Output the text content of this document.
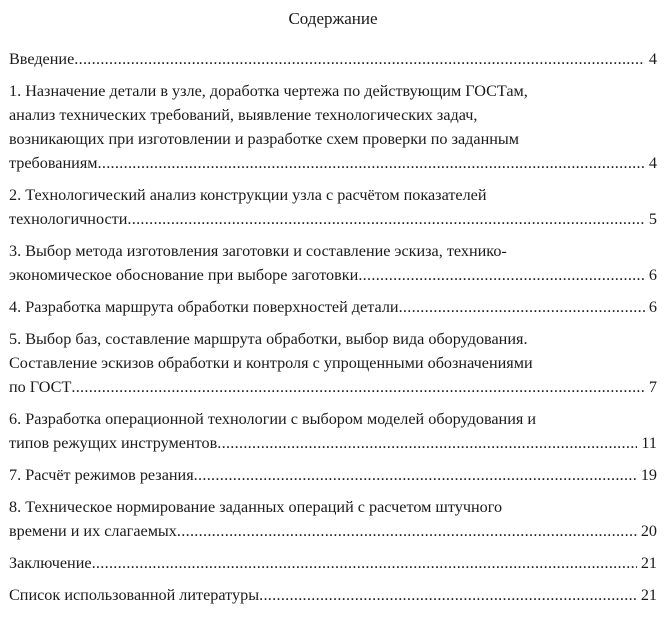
Содержание
Введение .....	4
1. Назначение детали в узле, доработка чертежа по действующим ГОСТам,
анализ технических требований, выявление технологических задач,
возникающих при изготовлении и разработке схем проверки по заданным
требованиям .....	4
2. Технологический анализ конструкции узла с расчётом показателей
технологичности .....	5
3. Выбор метода изготовления заготовки и составление эскиза, технико-
экономическое обоснование при выборе заготовки .....	6
4. Разработка маршрута обработки поверхностей детали .....	6
5. Выбор баз, составление маршрута обработки, выбор вида оборудования.
Составление эскизов обработки и контроля с упрощенными обозначениями
по ГОСТ .....	7
6. Разработка операционной технологии с выбором моделей оборудования и
типов режущих инструментов .....	11
7. Расчёт режимов резания .....	19
8. Техническое нормирование заданных операций с расчетом штучного
времени и их слагаемых .....	20
Заключение .....	21
Список использованной литературы .....	21
